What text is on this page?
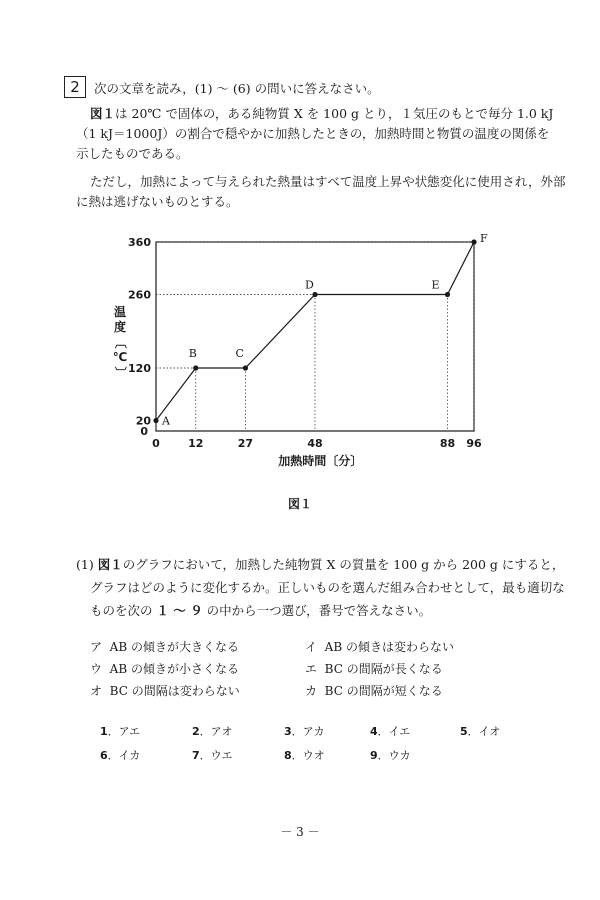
2	次の文章を読み，(1) ～ (6) の問いに答えなさい。
図１は 20℃ で固体の，ある純物質 X を 100 g とり，１気圧のもとで毎分 1.0 kJ
（1 kJ＝1000J）の割合で穏やかに加熱したときの，加熱時間と物質の温度の関係を
示したものである。
ただし，加熱によって与えられた熱量はすべて温度上昇や状態変化に使用され，外部
に熱は逃げないものとする。
A
B	C
D	E
F
0	12	27	48	88 96
0
20
120
260
360
加熱時間〔分〕
温
度
〔
℃
〕
図１
(1) 図１のグラフにおいて，加熱した純物質 X の質量を 100 g から 200 g にすると，
グラフはどのように変化するか。正しいものを選んだ組み合わせとして，最も適切な
ものを次の １ ～ ９ の中から一つ選び，番号で答えなさい。
ア AB の傾きが大きくなる	イ AB の傾きは変わらない
ウ AB の傾きが小さくなる	エ BC の間隔が長くなる
オ BC の間隔は変わらない	カ BC の間隔が短くなる
1．アエ	2．アオ	3．アカ	4．イエ	5．イオ
6．イカ	7．ウエ	8．ウオ	9．ウカ
－ 3 －
